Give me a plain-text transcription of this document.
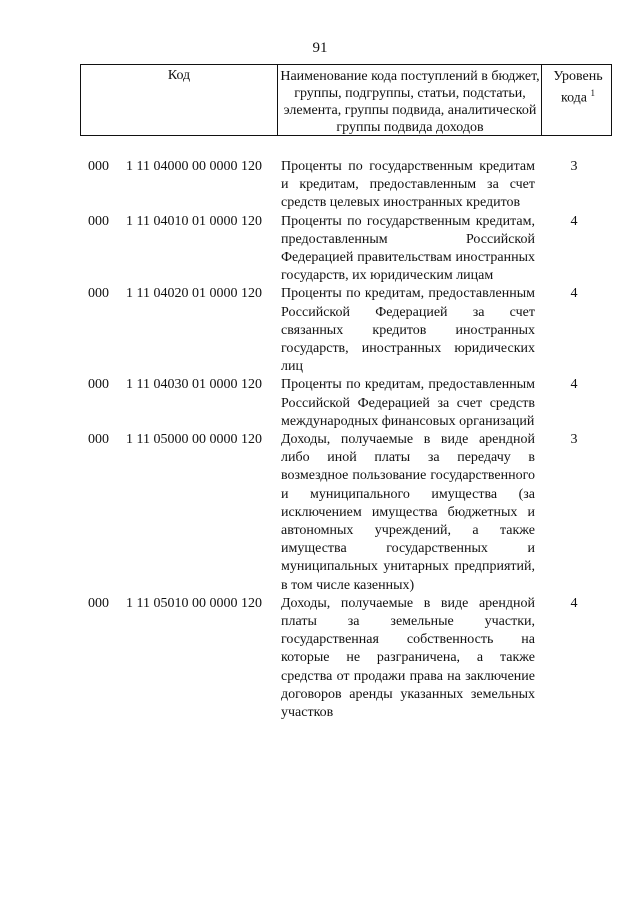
91
Код	Наименование кода поступлений в бюджет, группы, подгруппы, статьи, подстатьи, элемента, группы подвида, аналитической группы подвида доходов
Уровень кода $^1$
000 1 11 04000 00 0000 120 Проценты по государственным кредитам и кредитам, предоставленным за счет средств целевых иностранных кредитов
3
000 1 11 04010 01 0000 120 Проценты по государственным кредитам, предоставленным Российской Федерацией правительствам иностранных государств, их юридическим лицам
4
000 1 11 04020 01 0000 120 Проценты по кредитам, предоставленным Российской Федерацией за счет связанных кредитов иностранных государств, иностранных юридических лиц
4
000 1 11 04030 01 0000 120 Проценты по кредитам, предоставленным Российской Федерацией за счет средств международных финансовых организаций
4
000 1 11 05000 00 0000 120 Доходы, получаемые в виде арендной либо иной платы за передачу в возмездное пользование государственного и муниципального имущества (за исключением имущества бюджетных и автономных учреждений, а также имущества государственных и муниципальных унитарных предприятий, в том числе казенных)
3
000 1 11 05010 00 0000 120 Доходы, получаемые в виде арендной платы за земельные участки, государственная собственность на которые не разграничена, а также средства от продажи права на заключение договоров аренды указанных земельных участков
4
